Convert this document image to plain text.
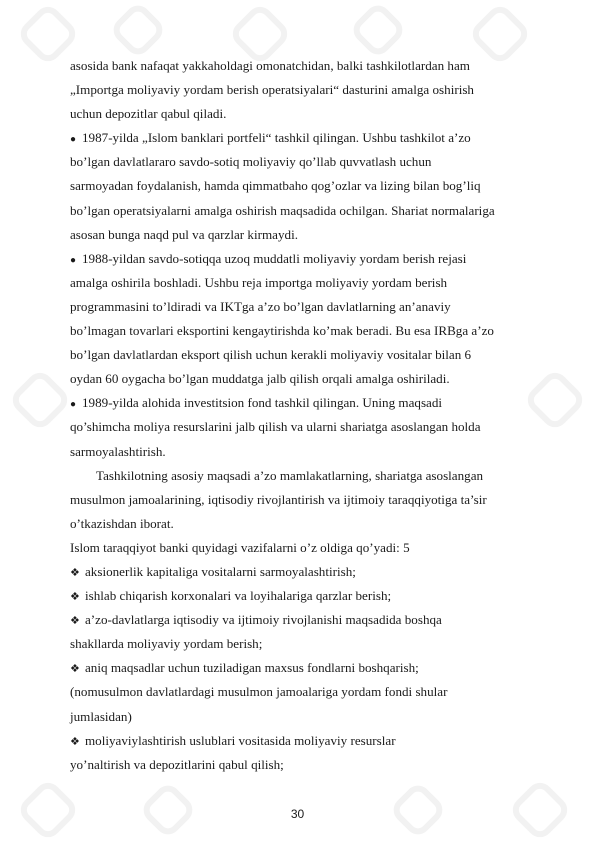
asosida bank nafaqat yakkaholdagi omonatchidan, balki tashkilotlardan ham
„Importga moliyaviy yordam berish operatsiyalari“ dasturini amalga oshirish
uchun depozitlar qabul qiladi.
● 1987-yilda „Islom banklari portfeli“ tashkil qilingan. Ushbu tashkilot a’zo
bo’lgan davlatlararo savdo-sotiq moliyaviy qo’llab quvvatlash uchun
sarmoyadan foydalanish, hamda qimmatbaho qog’ozlar va lizing bilan bog’liq
bo’lgan operatsiyalarni amalga oshirish maqsadida ochilgan. Shariat normalariga
asosan bunga naqd pul va qarzlar kirmaydi.
● 1988-yildan savdo-sotiqqa uzoq muddatli moliyaviy yordam berish rejasi
amalga oshirila boshladi. Ushbu reja importga moliyaviy yordam berish
programmasini to’ldiradi va IKTga a’zo bo’lgan davlatlarning an’anaviy
bo’lmagan tovarlari eksportini kengaytirishda ko’mak beradi. Bu esa IRBga a’zo
bo’lgan davlatlardan eksport qilish uchun kerakli moliyaviy vositalar bilan 6
oydan 60 oygacha bo’lgan muddatga jalb qilish orqali amalga oshiriladi.
● 1989-yilda alohida investitsion fond tashkil qilingan. Uning maqsadi
qo’shimcha moliya resurslarini jalb qilish va ularni shariatga asoslangan holda
sarmoyalashtirish.
Tashkilotning asosiy maqsadi a’zo mamlakatlarning, shariatga asoslangan
musulmon jamoalarining, iqtisodiy rivojlantirish va ijtimoiy taraqqiyotiga ta’sir
o’tkazishdan iborat.
Islom taraqqiyot banki quyidagi vazifalarni o’z oldiga qo’yadi: 5
❖ aksionerlik kapitaliga vositalarni sarmoyalashtirish;
❖ ishlab chiqarish korxonalari va loyihalariga qarzlar berish;
❖ a’zo-davlatlarga iqtisodiy va ijtimoiy rivojlanishi maqsadida boshqa
shakllarda moliyaviy yordam berish;
❖ aniq maqsadlar uchun tuziladigan maxsus fondlarni boshqarish;
(nomusulmon davlatlardagi musulmon jamoalariga yordam fondi shular
jumlasidan)
❖ moliyaviylashtirish uslublari vositasida moliyaviy resurslar
yo’naltirish va depozitlarini qabul qilish;
30
